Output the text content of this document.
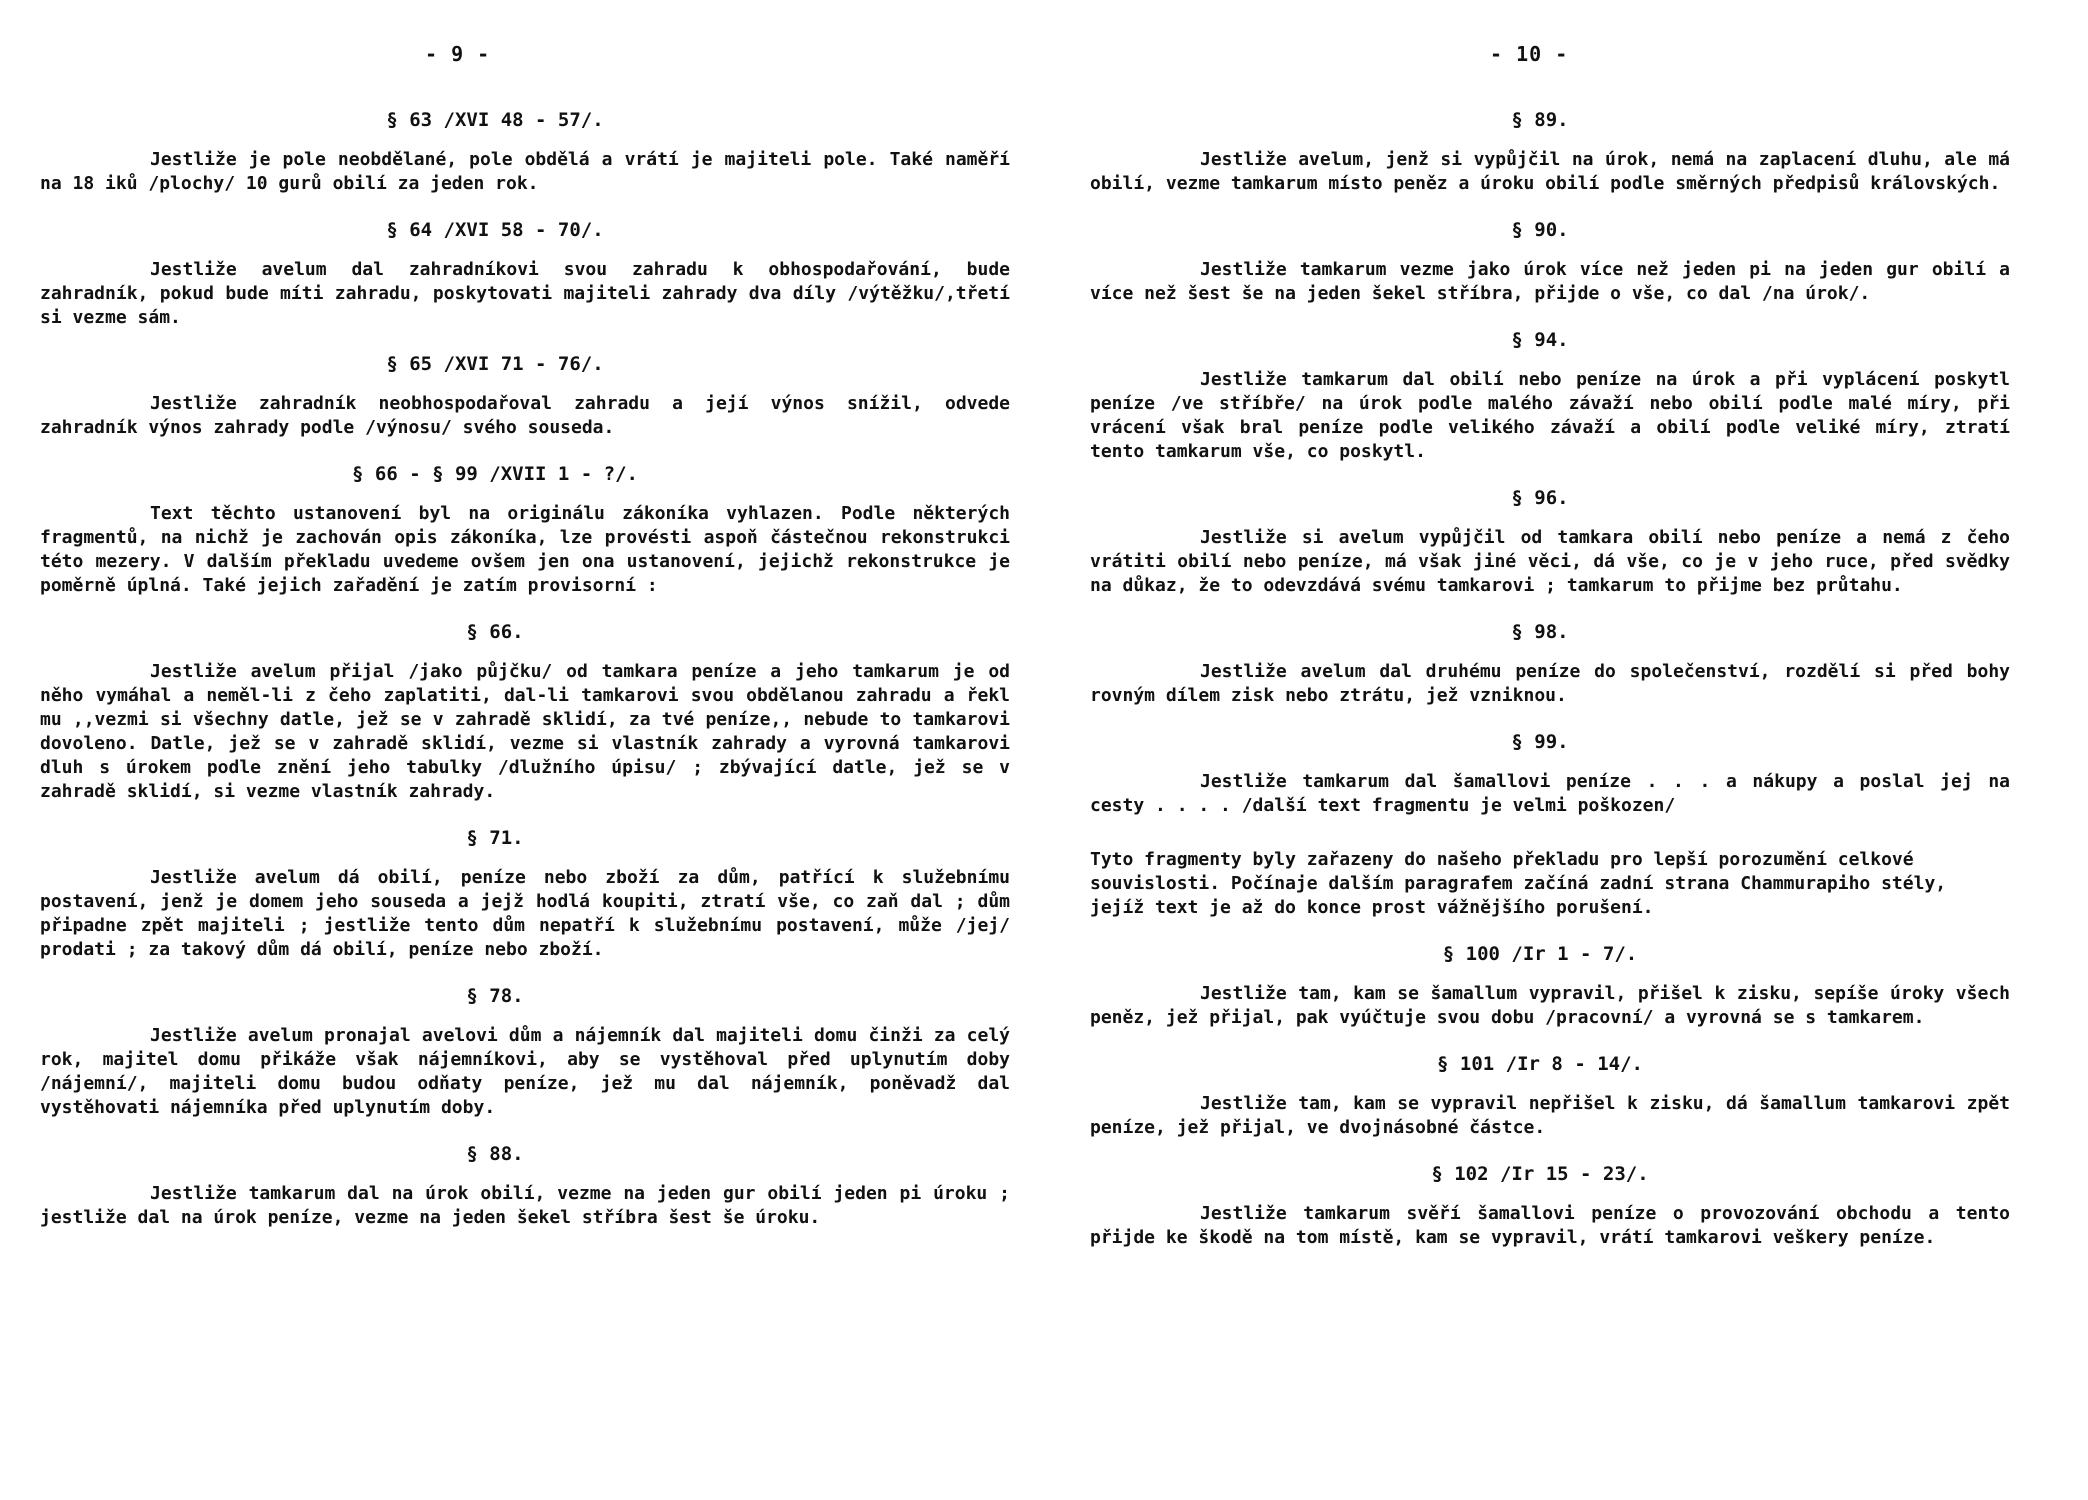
- 9 -
§ 63 /XVI 48 - 57/.

Jestliže je pole neobdělané, pole obdělá a vrátí je majiteli pole. Také naměří na 18 iků /plochy/ 10 gurů obilí za jeden rok.

§ 64 /XVI 58 - 70/.

Jestliže avelum dal zahradníkovi svou zahradu k obhospodařování, bude zahradník, pokud bude míti zahradu, poskytovati majiteli zahrady dva díly /výtěžku/,třetí si vezme sám.

§ 65 /XVI 71 - 76/.

Jestliže zahradník neobhospodařoval zahradu a její výnos snížil, odvede zahradník výnos zahrady podle /výnosu/ svého souseda.

§ 66 - § 99 /XVII 1 - ?/.

Text těchto ustanovení byl na originálu zákoníka vyhlazen. Podle některých fragmentů, na nichž je zachován opis zákoníka, lze provésti aspoň částečnou rekonstrukci této mezery. V dalším překladu uvedeme ovšem jen ona ustanovení, jejichž rekonstrukce je poměrně úplná. Také jejich zařadění je zatím provisorní :

§ 66.

Jestliže avelum přijal /jako půjčku/ od tamkara peníze a jeho tamkarum je od něho vymáhal a neměl-li z čeho zaplatiti, dal-li tamkarovi svou obdělanou zahradu a řekl mu ,,vezmi si všechny datle, jež se v zahradě sklidí, za tvé peníze,, nebude to tamkarovi dovoleno. Datle, jež se v zahradě sklidí, vezme si vlastník zahrady a vyrovná tamkarovi dluh s úrokem podle znění jeho tabulky /dlužního úpisu/ ; zbývající datle, jež se v zahradě sklidí, si vezme vlastník zahrady.

§ 71.

Jestliže avelum dá obilí, peníze nebo zboží za dům, patřící k služebnímu postavení, jenž je domem jeho souseda a jejž hodlá koupiti, ztratí vše, co zaň dal ; dům připadne zpět majiteli ; jestliže tento dům nepatří k služebnímu postavení, může /jej/ prodati ; za takový dům dá obilí, peníze nebo zboží.

§ 78.

Jestliže avelum pronajal avelovi dům a nájemník dal majiteli domu činži za celý rok, majitel domu přikáže však nájemníkovi, aby se vystěhoval před uplynutím doby /nájemní/, majiteli domu budou odňaty peníze, jež mu dal nájemník, poněvadž dal vystěhovati nájemníka před uplynutím doby.

§ 88.

Jestliže tamkarum dal na úrok obilí, vezme na jeden gur obilí jeden pi úroku ; jestliže dal na úrok peníze, vezme na jeden šekel stříbra šest še úroku.

- 10 -
§ 89.

Jestliže avelum, jenž si vypůjčil na úrok, nemá na zaplacení dluhu, ale má obilí, vezme tamkarum místo peněz a úroku obilí podle směrných předpisů královských.

§ 90.

Jestliže tamkarum vezme jako úrok více než jeden pi na jeden gur obilí a více než šest še na jeden šekel stříbra, přijde o vše, co dal /na úrok/.

§ 94.

Jestliže tamkarum dal obilí nebo peníze na úrok a při vyplácení poskytl peníze /ve stříbře/ na úrok podle malého závaží nebo obilí podle malé míry, při vrácení však bral peníze podle velikého závaží a obilí podle veliké míry, ztratí tento tamkarum vše, co poskytl.

§ 96.

Jestliže si avelum vypůjčil od tamkara obilí nebo peníze a nemá z čeho vrátiti obilí nebo peníze, má však jiné věci, dá vše, co je v jeho ruce, před svědky na důkaz, že to odevzdává svému tamkarovi ; tamkarum to přijme bez průtahu.

§ 98.

Jestliže avelum dal druhému peníze do společenství, rozdělí si před bohy rovným dílem zisk nebo ztrátu, jež vzniknou.

§ 99.

Jestliže tamkarum dal šamallovi peníze . . . a nákupy a poslal jej na cesty . . . . /další text fragmentu je velmi poškozen/

Tyto fragmenty byly zařazeny do našeho překladu pro lepší porozumění celkové souvislosti. Počínaje dalším paragrafem začíná zadní strana Chammurapiho stély, jejíž text je až do konce prost vážnějšího porušení.

§ 100 /Ir 1 - 7/.

Jestliže tam, kam se šamallum vypravil, přišel k zisku, sepíše úroky všech peněz, jež přijal, pak vyúčtuje svou dobu /pracovní/ a vyrovná se s tamkarem.

§ 101 /Ir 8 - 14/.

Jestliže tam, kam se vypravil nepřišel k zisku, dá šamallum tamkarovi zpět peníze, jež přijal, ve dvojnásobné částce.

§ 102 /Ir 15 - 23/.

Jestliže tamkarum svěří šamallovi peníze o provozování obchodu a tento přijde ke škodě na tom místě, kam se vypravil, vrátí tamkarovi veškery peníze.
